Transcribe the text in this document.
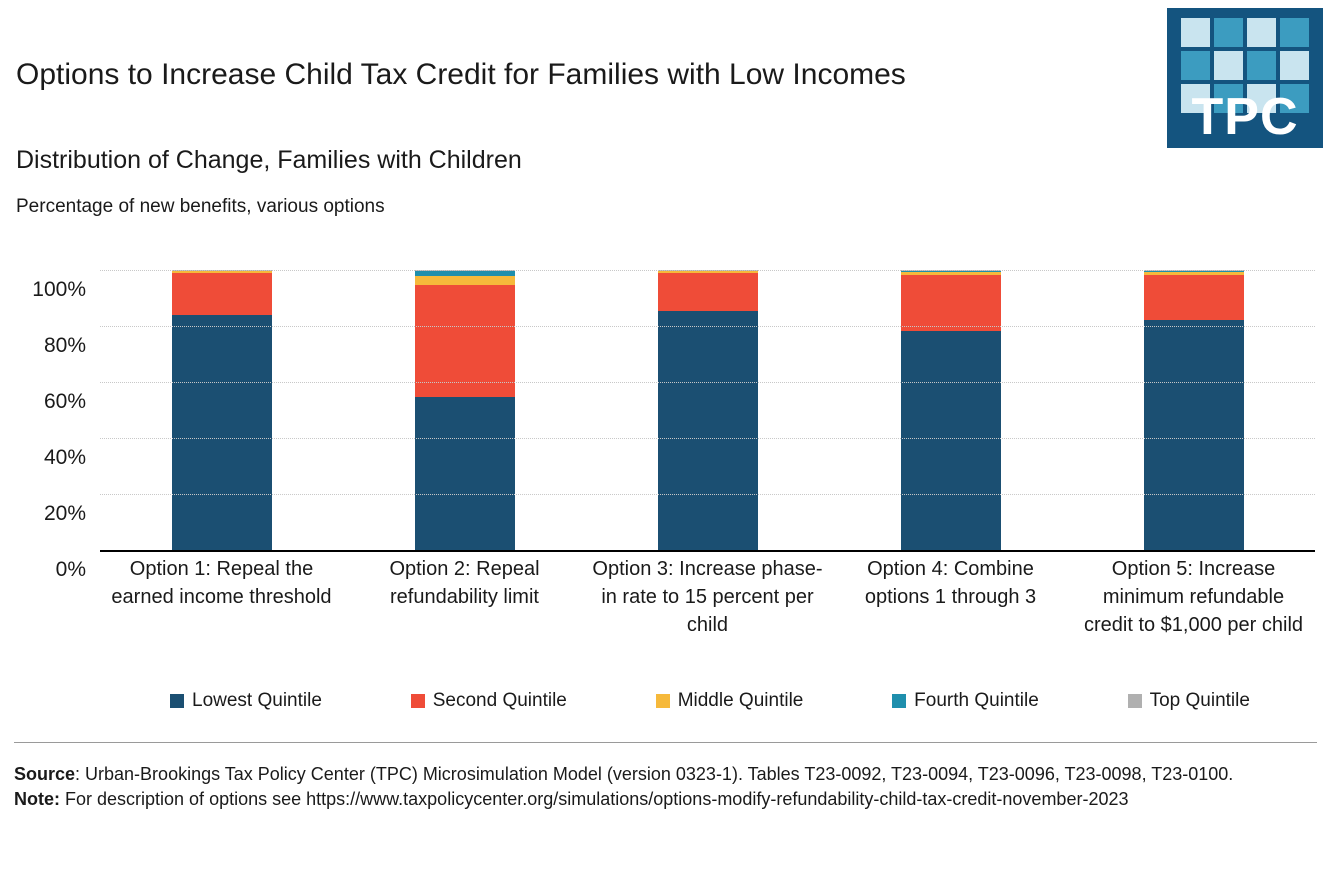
TPC
Options to Increase Child Tax Credit for Families with Low Incomes
Distribution of Change, Families with Children
Percentage of new benefits, various options
0%
20%
40%
60%
80%
100%
Option 1: Repeal the earned income threshold
Option 2: Repeal refundability limit
Option 3: Increase phase-in rate to 15 percent per child
Option 4: Combine options 1 through 3
Option 5: Increase minimum refundable credit to $1,000 per child
Lowest Quintile	Second Quintile	Middle Quintile	Fourth Quintile	Top Quintile
Source: Urban-Brookings Tax Policy Center (TPC) Microsimulation Model (version 0323-1). Tables T23-0092, T23-0094, T23-0096, T23-0098, T23-0100.
Note: For description of options see https://www.taxpolicycenter.org/simulations/options-modify-refundability-child-tax-credit-november-2023
